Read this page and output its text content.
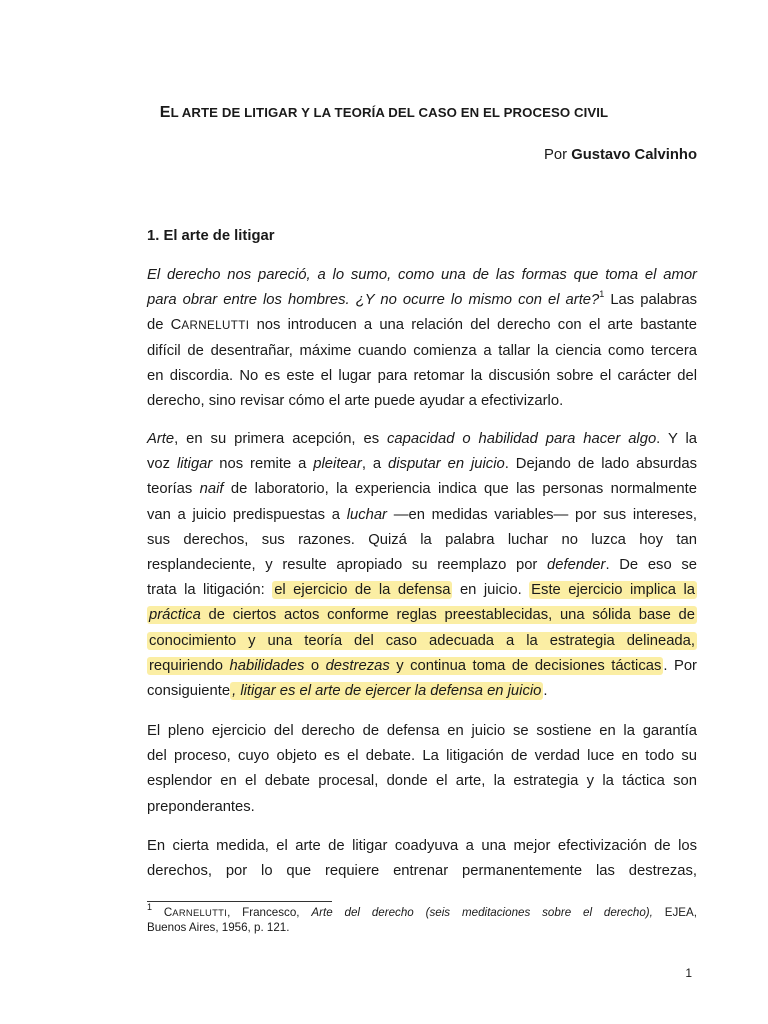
EL ARTE DE LITIGAR Y LA TEORÍA DEL CASO EN EL PROCESO CIVIL
Por Gustavo Calvinho
1. El arte de litigar
El derecho nos pareció, a lo sumo, como una de las formas que toma el amor
para obrar entre los hombres. ¿Y no ocurre lo mismo con el arte?$^1$ Las palabras
de CARNELUTTI nos introducen a una relación del derecho con el arte bastante
difícil de desentrañar, máxime cuando comienza a tallar la ciencia como tercera
en discordia. No es este el lugar para retomar la discusión sobre el carácter del
derecho, sino revisar cómo el arte puede ayudar a efectivizarlo.
Arte, en su primera acepción, es capacidad o habilidad para hacer algo. Y la
voz litigar nos remite a pleitear, a disputar en juicio. Dejando de lado absurdas
teorías naif de laboratorio, la experiencia indica que las personas normalmente
van a juicio predispuestas a luchar —en medidas variables— por sus intereses,
sus derechos, sus razones. Quizá la palabra luchar no luzca hoy tan
resplandeciente, y resulte apropiado su reemplazo por defender. De eso se
trata la litigación: el ejercicio de la defensa en juicio. Este ejercicio implica la
práctica de ciertos actos conforme reglas preestablecidas, una sólida base de
conocimiento y una teoría del caso adecuada a la estrategia delineada,
requiriendo habilidades o destrezas y continua toma de decisiones tácticas . Por
consiguiente , litigar es el arte de ejercer la defensa en juicio .
El pleno ejercicio del derecho de defensa en juicio se sostiene en la garantía
del proceso, cuyo objeto es el debate. La litigación de verdad luce en todo su
esplendor en el debate procesal, donde el arte, la estrategia y la táctica son
preponderantes.
En cierta medida, el arte de litigar coadyuva a una mejor efectivización de los
derechos, por lo que requiere entrenar permanentemente las destrezas,
$^1$ CARNELUTTI, Francesco, Arte del derecho (seis meditaciones sobre el derecho), EJEA,
Buenos Aires, 1956, p. 121.
1
